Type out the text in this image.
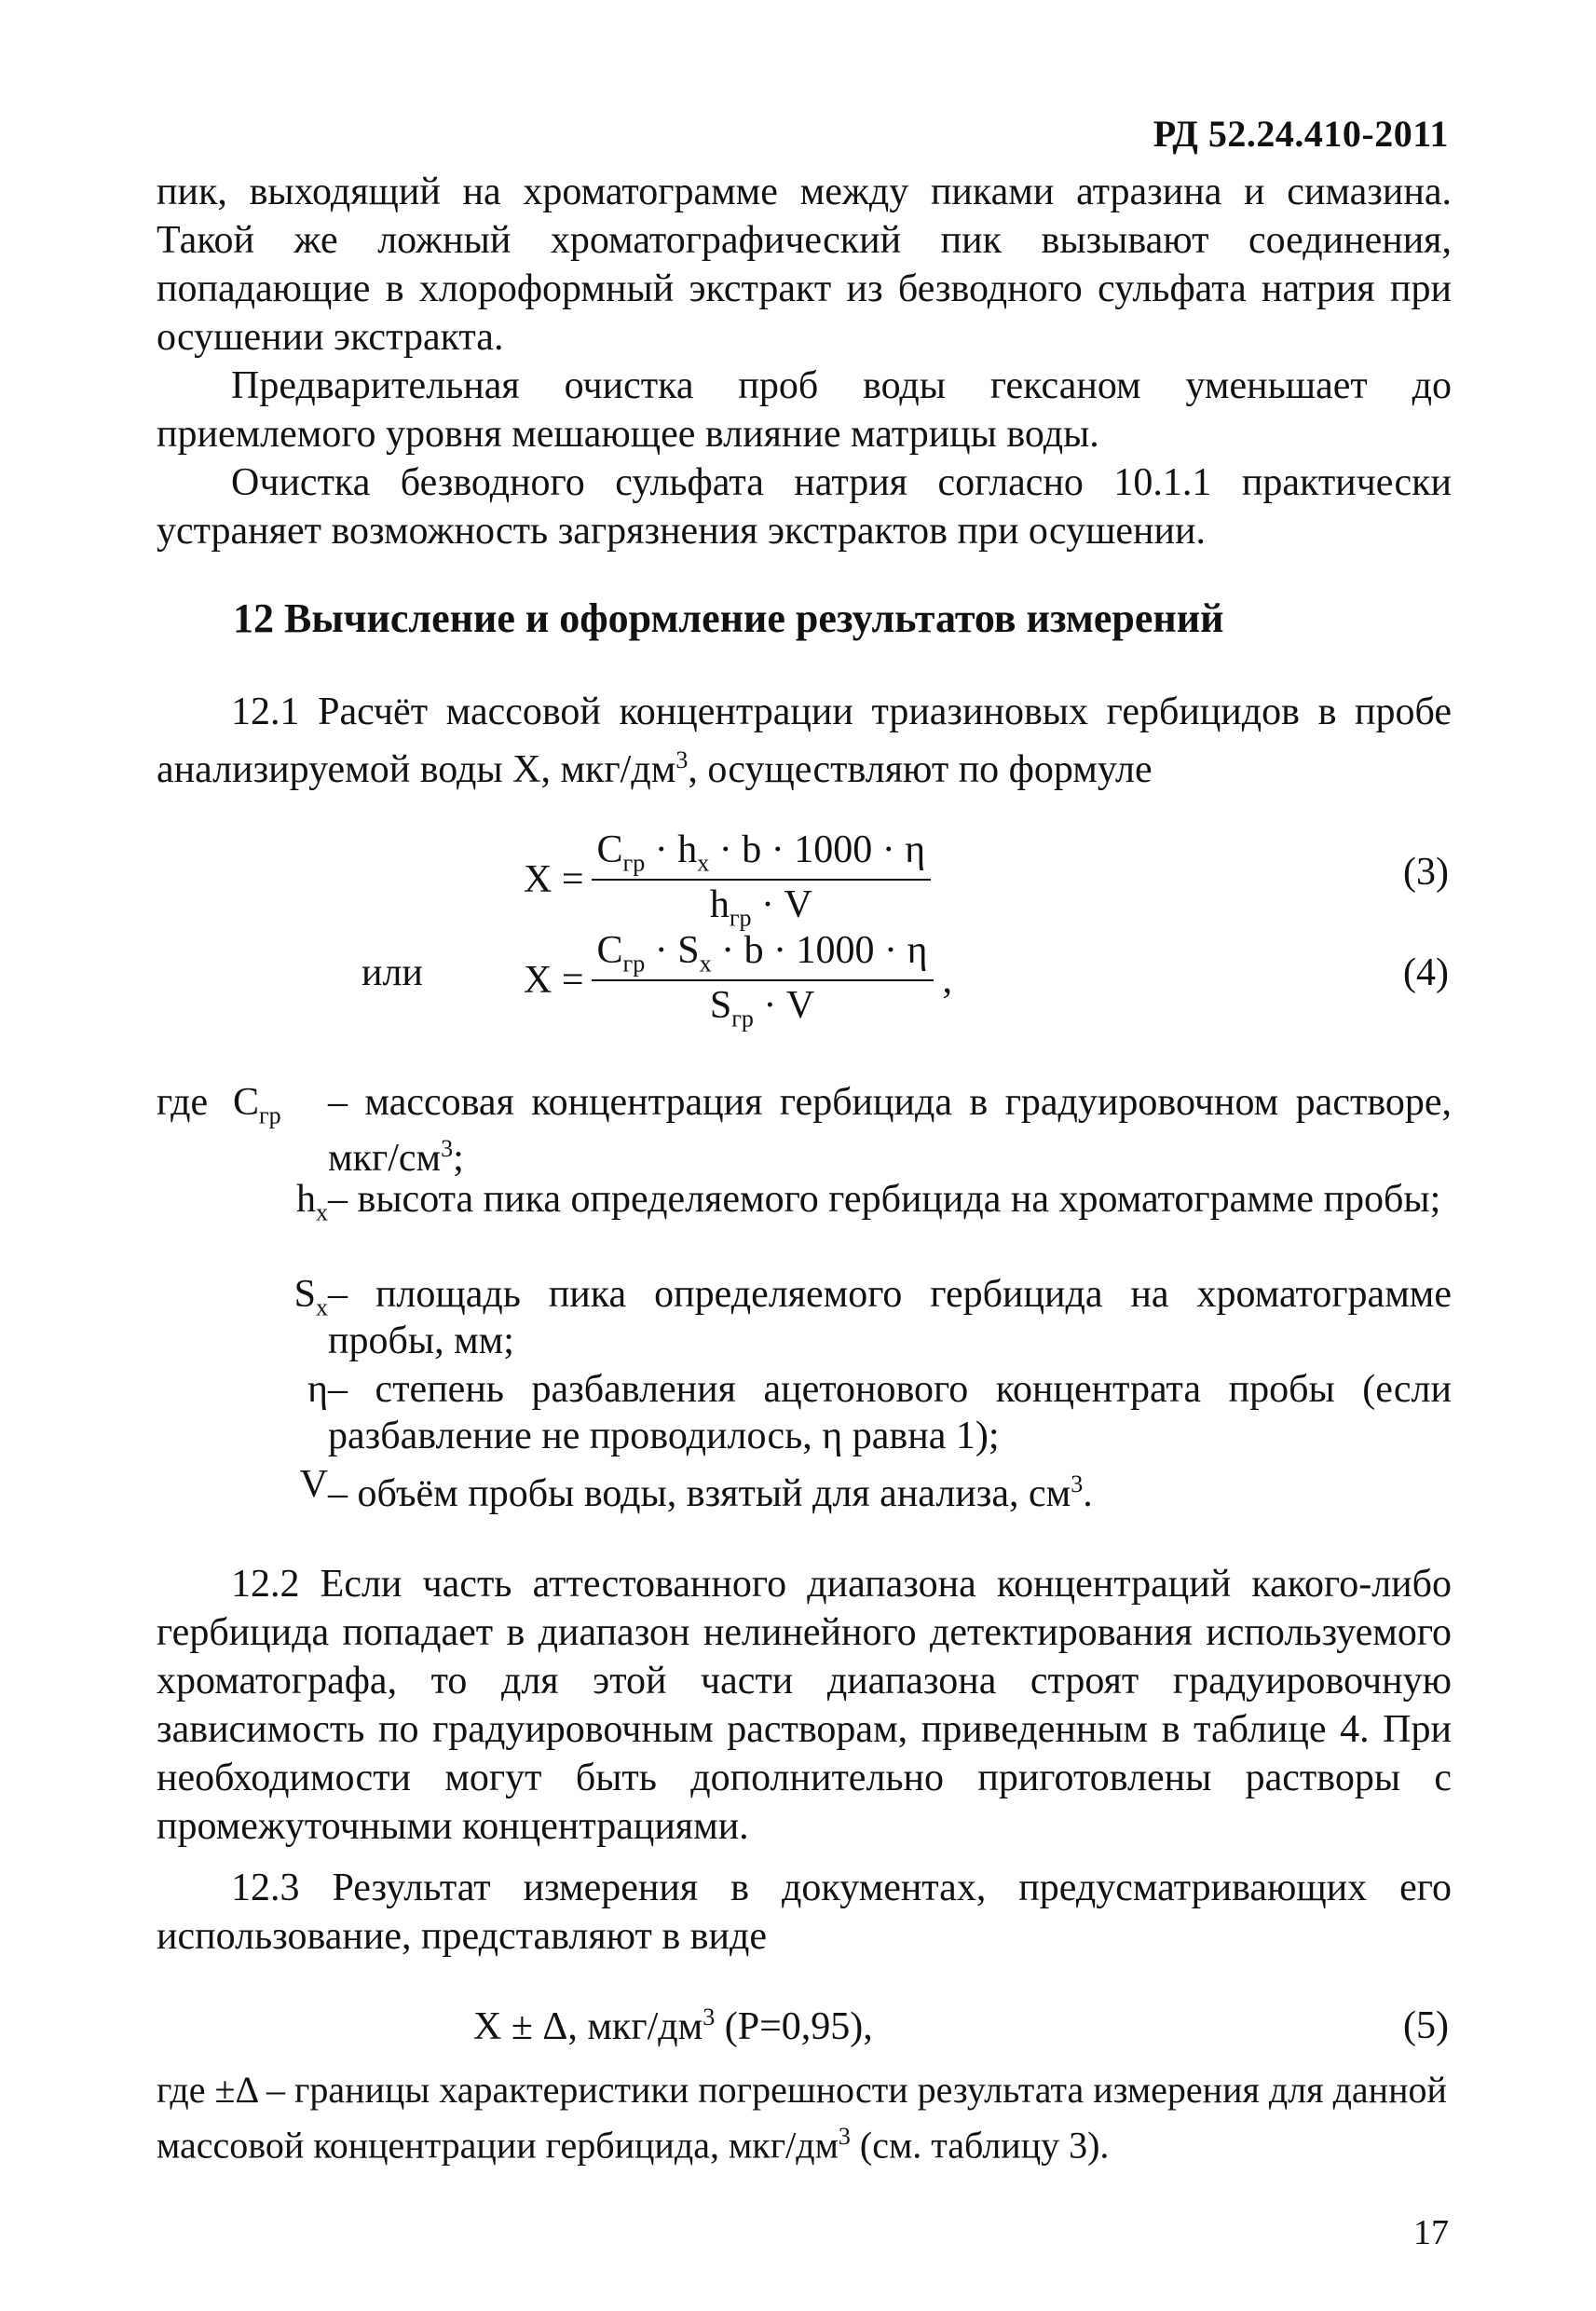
РД 52.24.410-2011

пик, выходящий на хроматограмме между пиками атразина и симазина. Такой же ложный хроматографический пик вызывают соединения, попадающие в хлороформный экстракт из безводного сульфата натрия при осушении экстракта.

Предварительная очистка проб воды гексаном уменьшает до приемлемого уровня мешающее влияние матрицы воды.

Очистка безводного сульфата натрия согласно 10.1.1 практически устраняет возможность загрязнения экстрактов при осушении.

12 Вычисление и оформление результатов измерений

12.1 Расчёт массовой концентрации триазиновых гербицидов в пробе анализируемой воды X, мкг/$дм^3$, осуществляют по формуле

$X = \frac{C_{гр} \cdot h_x \cdot b \cdot 1000 \cdot \eta}{h_{гр} \cdot V}$	(3)
или	$X = \frac{C_{гр} \cdot S_x \cdot b \cdot 1000 \cdot \eta}{S_{гр} \cdot V}$ ,	(4)
где $C_{гр}$	– массовая концентрация гербицида в градуировочном растворе, мкг/$см^3$;
$h_x$ – высота пика определяемого гербицида на хроматограмме пробы;
$S_x$ – площадь пика определяемого гербицида на хроматограмме пробы, мм;
η – степень разбавления ацетонового концентрата пробы (если разбавление не проводилось, η равна 1);
V – объём пробы воды, взятый для анализа, $см^3$.

12.2 Если часть аттестованного диапазона концентраций какого-либо гербицида попадает в диапазон нелинейного детектирования используемого хроматографа, то для этой части диапазона строят градуировочную зависимость по градуировочным растворам, приведенным в таблице 4. При необходимости могут быть дополнительно приготовлены растворы с промежуточными концентрациями.

12.3 Результат измерения в документах, предусматривающих его использование, представляют в виде

X ± Δ, мкг/$дм^3$ (P=0,95),	(5)
где ±Δ – границы характеристики погрешности результата измерения для данной массовой концентрации гербицида, мкг/$дм^3$ (см. таблицу 3).
17
